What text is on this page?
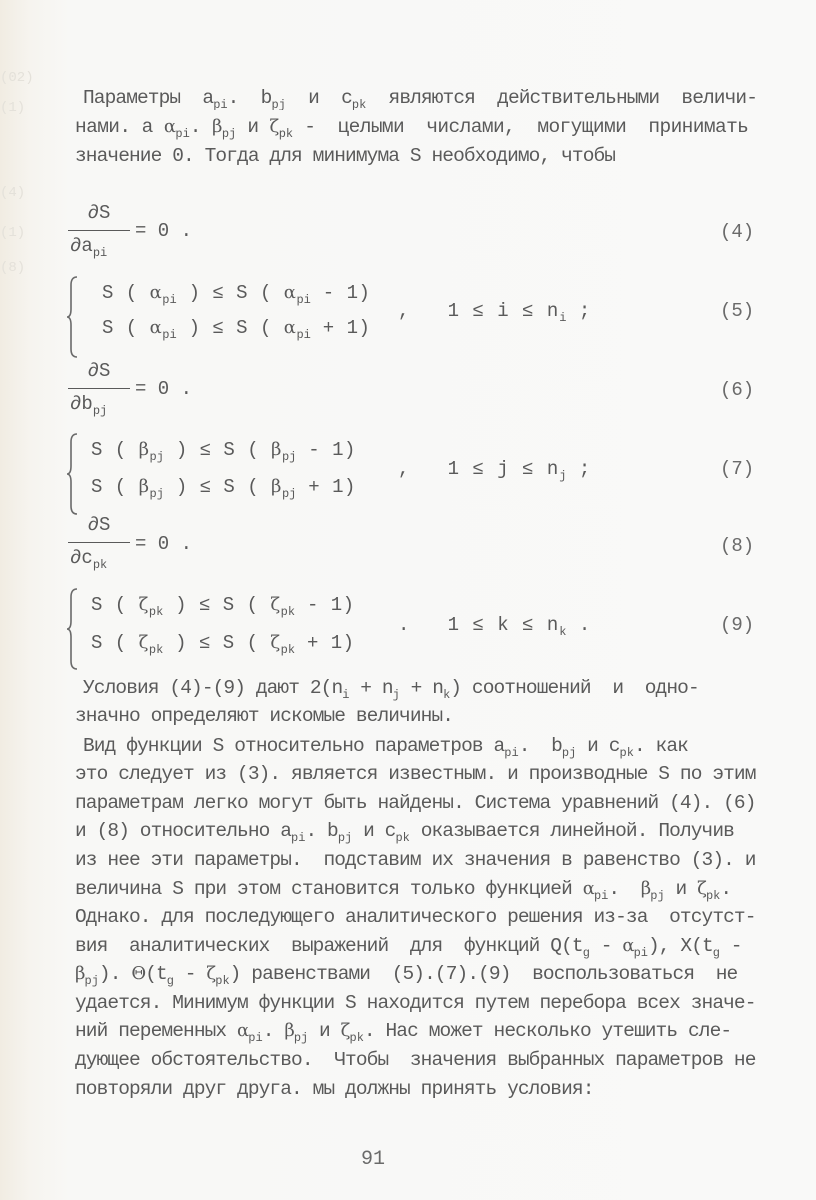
(02)
(1)
(4)
(1)
(8)
Параметры $a_{pi}$. $b_{pj}$ и $c_{pk}$ являются действительными величи-
нами. а $\alpha_{pi}$. $\beta_{pj}$ и $\zeta_{pk}$ -  целыми  числами,  могущими  принимать
значение 0. Тогда для минимума S необходимо, чтобы
∂S
$\partial a_{pi}$
= 0 .	(4)
S ( $\alpha_{pi}$ ) ≤ S ( $\alpha_{pi} - 1$)
S ( $\alpha_{pi}$ ) ≤ S ( $\alpha_{pi} + 1$)
,   $1 \le i \le n_i$ ;	(5)
∂S
$\partial b_{pj}$
= 0 .	(6)
S ( $\beta_{pj}$ ) ≤ S ( $\beta_{pj} - 1$)
S ( $\beta_{pj}$ ) ≤ S ( $\beta_{pj} + 1$)
,   $1 \le j \le n_j$ ;	(7)
∂S
$\partial c_{pk}$
= 0 .	(8)
S ( $\zeta_{pk}$ ) ≤ S ( $\zeta_{pk} - 1$)
S ( $\zeta_{pk}$ ) ≤ S ( $\zeta_{pk} + 1$)
.   $1 \le k \le n_k$ .	(9)
Условия (4)-(9) дают $2(n_i + n_j + n_k)$ соотношений  и  одно-
значно определяют искомые величины.
Вид функции S относительно параметров $a_{pi}$.  $b_{pj}$ и $c_{pk}$. как
это следует из (3). является известным. и производные S по этим
параметрам легко могут быть найдены. Система уравнений (4). (6)
и (8) относительно $a_{pi}$. $b_{pj}$ и $c_{pk}$ оказывается линейной. Получив
из нее эти параметры.  подставим их значения в равенство (3). и
величина S при этом становится только функцией $\alpha_{pi}$.  $\beta_{pj}$ и $\zeta_{pk}$.
Однако. для последующего аналитического решения из-за  отсутст-
вия  аналитических  выражений  для  функций $Q(t_g - \alpha_{pi})$, $X(t_g$ -
$\beta_{pj}$). $\Theta(t_g - \zeta_{pk})$ равенствами  (5).(7).(9)  воспользоваться  не
удается. Минимум функции S находится путем перебора всех значе-
ний переменных $\alpha_{pi}$. $\beta_{pj}$ и $\zeta_{pk}$. Нас может несколько утешить сле-
дующее обстоятельство.  Чтобы  значения выбранных параметров не
повторяли друг друга. мы должны принять условия:
91
